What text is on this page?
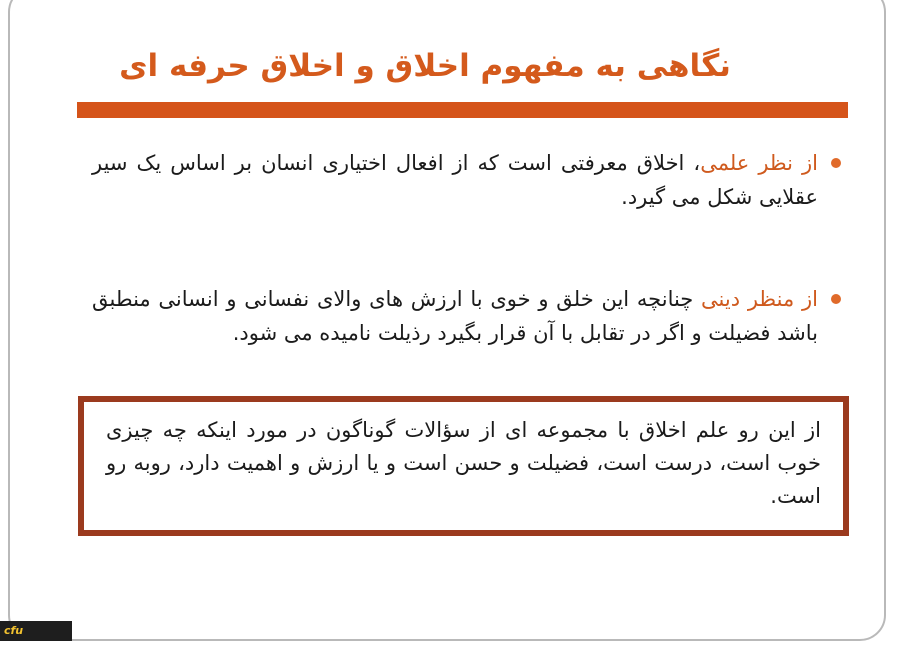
نگاهی به مفهوم اخلاق و اخلاق حرفه ای
از نظر علمی، اخلاق معرفتی است که از افعال اختیاری انسان بر اساس یک سیر عقلایی شکل می گیرد.
از منظر دینی چنانچه این خلق و خوی با ارزش های والای نفسانی و انسانی منطبق باشد فضیلت و اگر در تقابل با آن قرار بگیرد رذیلت نامیده می شود.
از این رو علم اخلاق با مجموعه ای از سؤالات گوناگون در مورد اینکه چه چیزی خوب است، درست است، فضیلت و حسن است و یا ارزش و اهمیت دارد، روبه رو است.
cfu cfu.ac.ir
